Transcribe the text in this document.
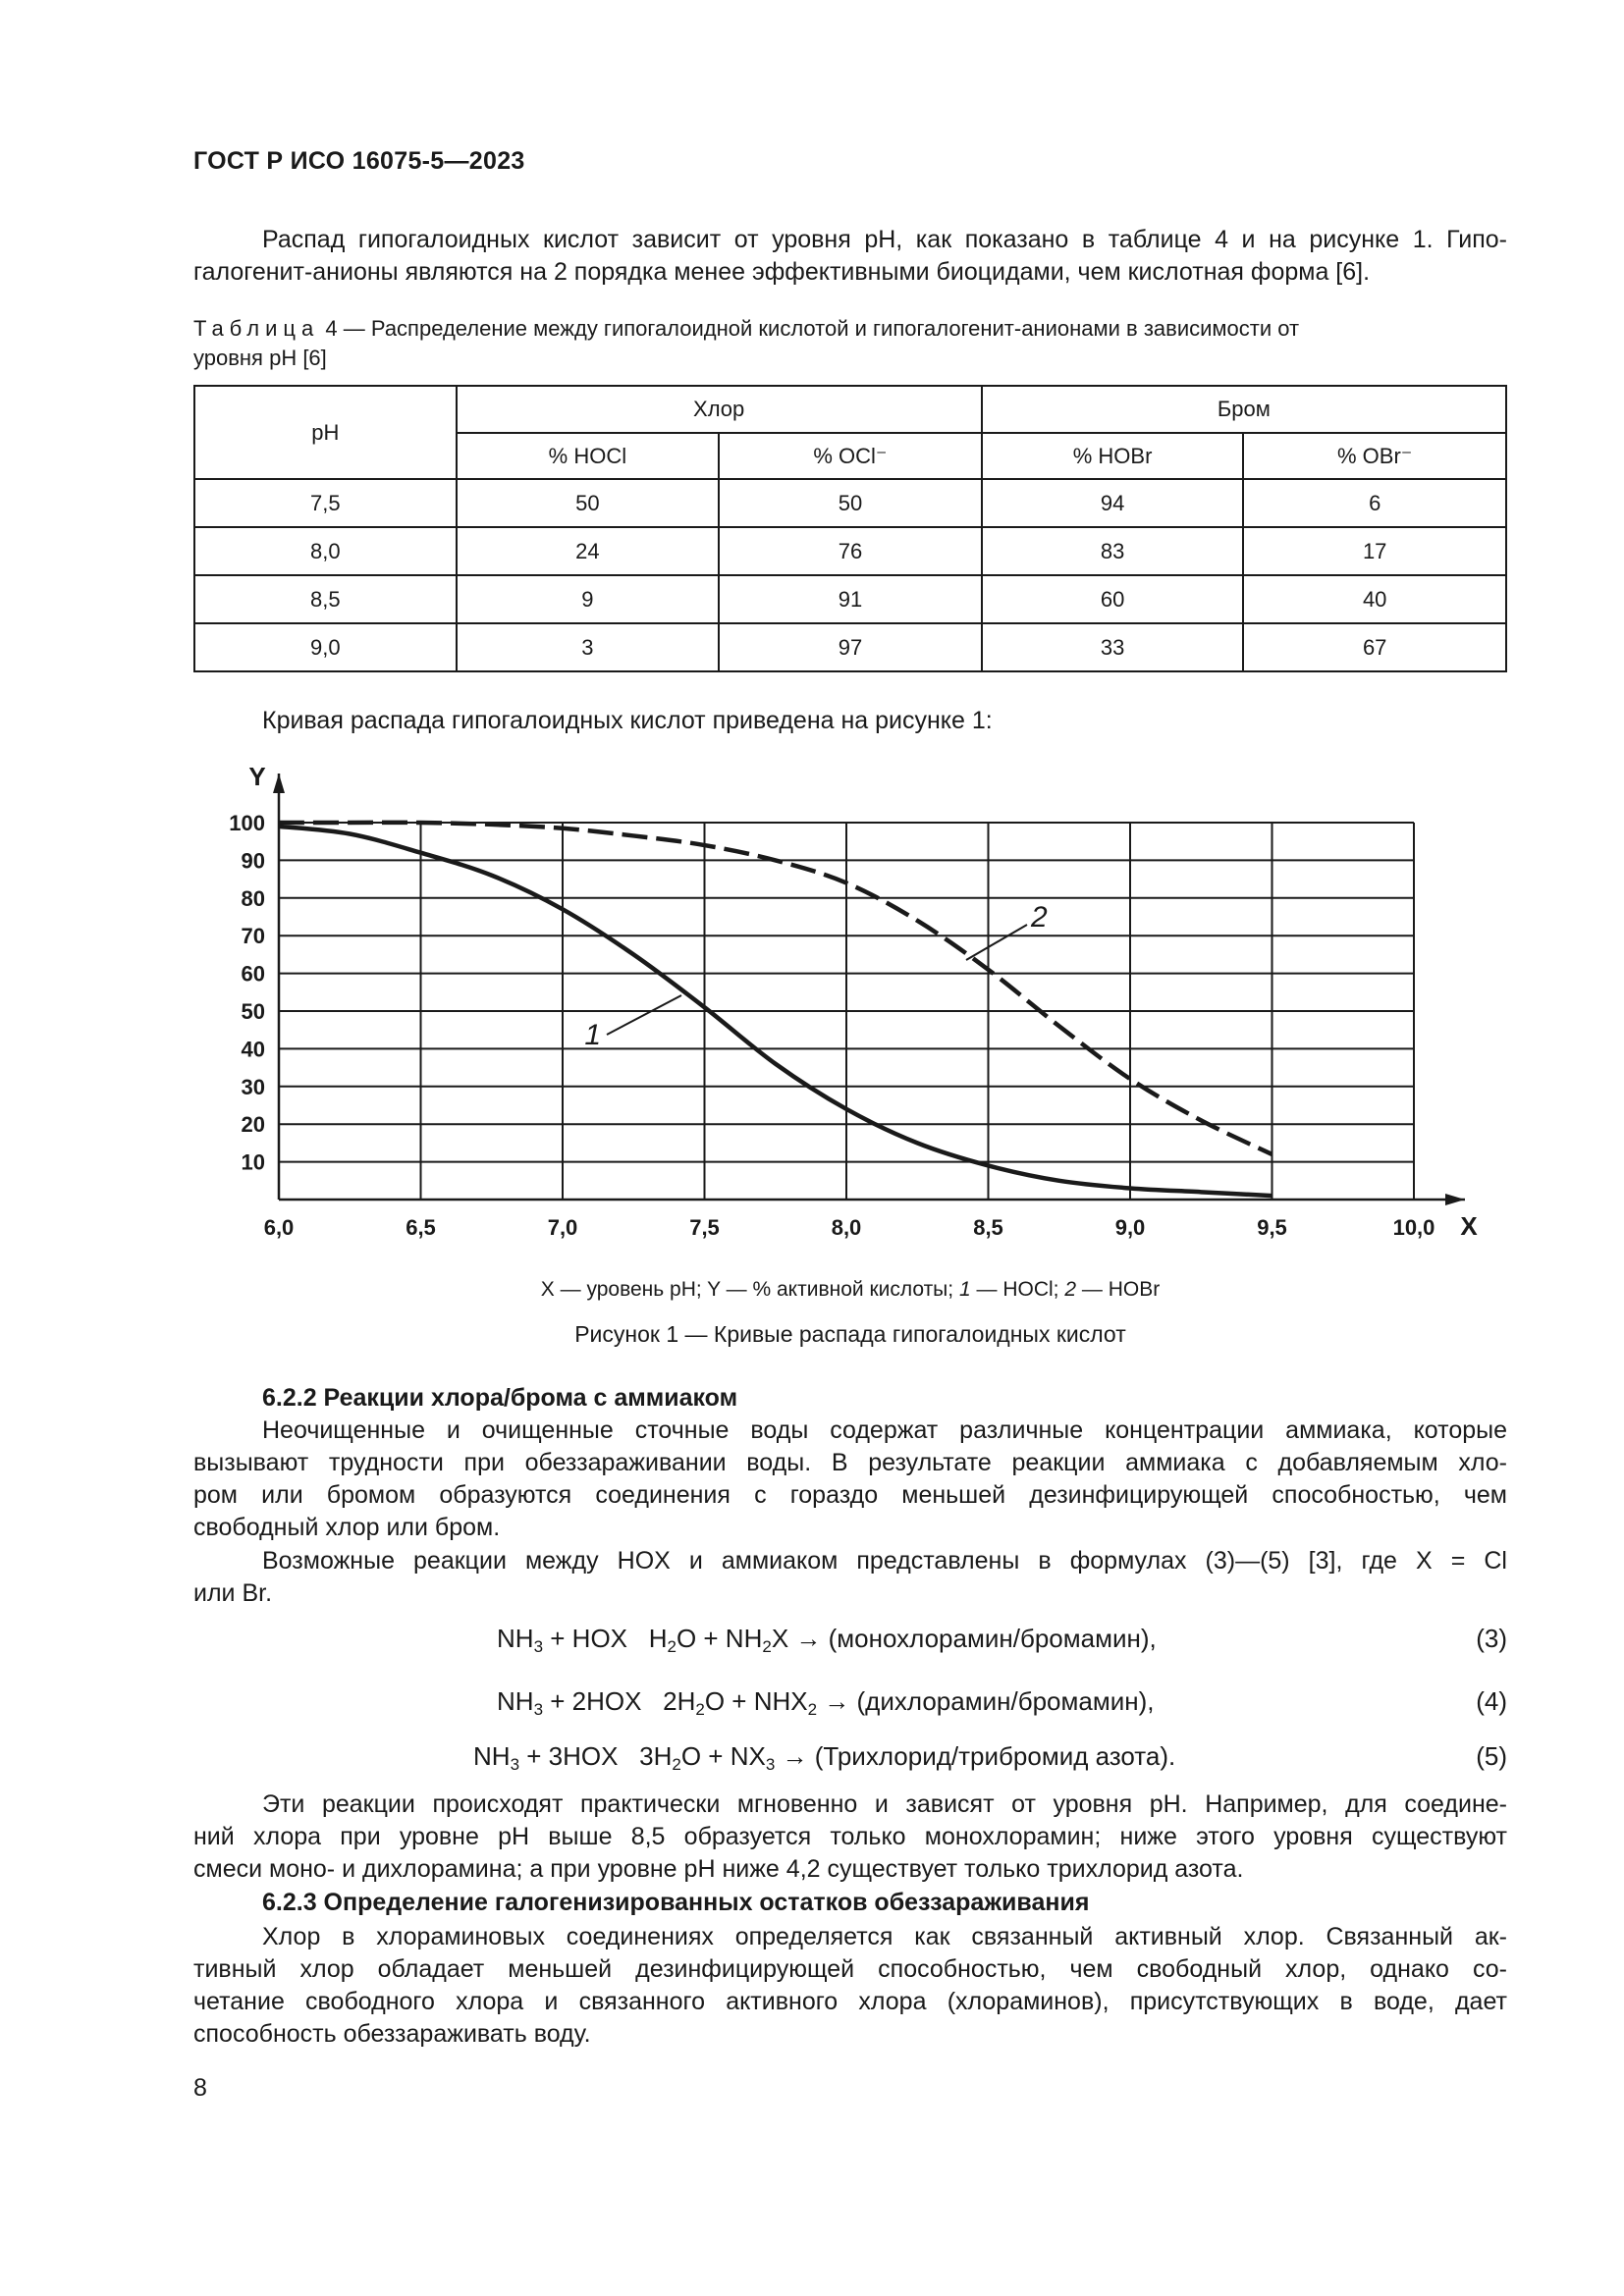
ГОСТ Р ИСО 16075-5—2023
Распад гипогалоидных кислот зависит от уровня pH, как показано в таблице 4 и на рисунке 1. Гипо-
галогенит-анионы являются на 2 порядка менее эффективными биоцидами, чем кислотная форма [6].
Таблица 4 — Распределение между гипогалоидной кислотой и гипогалогенит-анионами в зависимости от
уровня pH [6]
pH	Хлор		Бром	
	% HOCl	% OCl⁻	% HOBr	% OBr⁻
7,5	50	50	94	6
8,0	24	76	83	17
8,5	9	91	60	40
9,0	3	97	33	67
Кривая распада гипогалоидных кислот приведена на рисунке 1:
Y
X
6,0	6,5	7,0	7,5	8,0	8,5	9,0	9,5	10,0
10
20
30
40
50
60
70
80
90
100
1
2
X — уровень pH; Y — % активной кислоты; 1 — HOCl; 2 — HOBr
Рисунок 1 — Кривые распада гипогалоидных кислот
6.2.2 Реакции хлора/брома с аммиаком
Неочищенные и очищенные сточные воды содержат различные концентрации аммиака, которые
вызывают трудности при обеззараживании воды. В результате реакции аммиака с добавляемым хло-
ром или бромом образуются соединения с гораздо меньшей дезинфицирующей способностью, чем
свободный хлор или бром.
Возможные реакции между HOX и аммиаком представлены в формулах (3)—(5) [3], где X = Cl
или Br.
$NH_3$ + HOX $H_2O + NH_2X$ → (монохлорамин/бромамин),	(3)
$NH_3 + 2HOX$ $2H_2O + NHX_2$ → (дихлорамин/бромамин),	(4)
$NH_3 + 3HOX$ $3H_2O + NX_3$ → (Трихлорид/трибромид азота).	(5)
Эти реакции происходят практически мгновенно и зависят от уровня pH. Например, для соедине-
ний хлора при уровне pH выше 8,5 образуется только монохлорамин; ниже этого уровня существуют
смеси моно- и дихлорамина; а при уровне pH ниже 4,2 существует только трихлорид азота.
6.2.3 Определение галогенизированных остатков обеззараживания
Хлор в хлораминовых соединениях определяется как связанный активный хлор. Связанный ак-
тивный хлор обладает меньшей дезинфицирующей способностью, чем свободный хлор, однако со-
четание свободного хлора и связанного активного хлора (хлораминов), присутствующих в воде, дает
способность обеззараживать воду.
8
